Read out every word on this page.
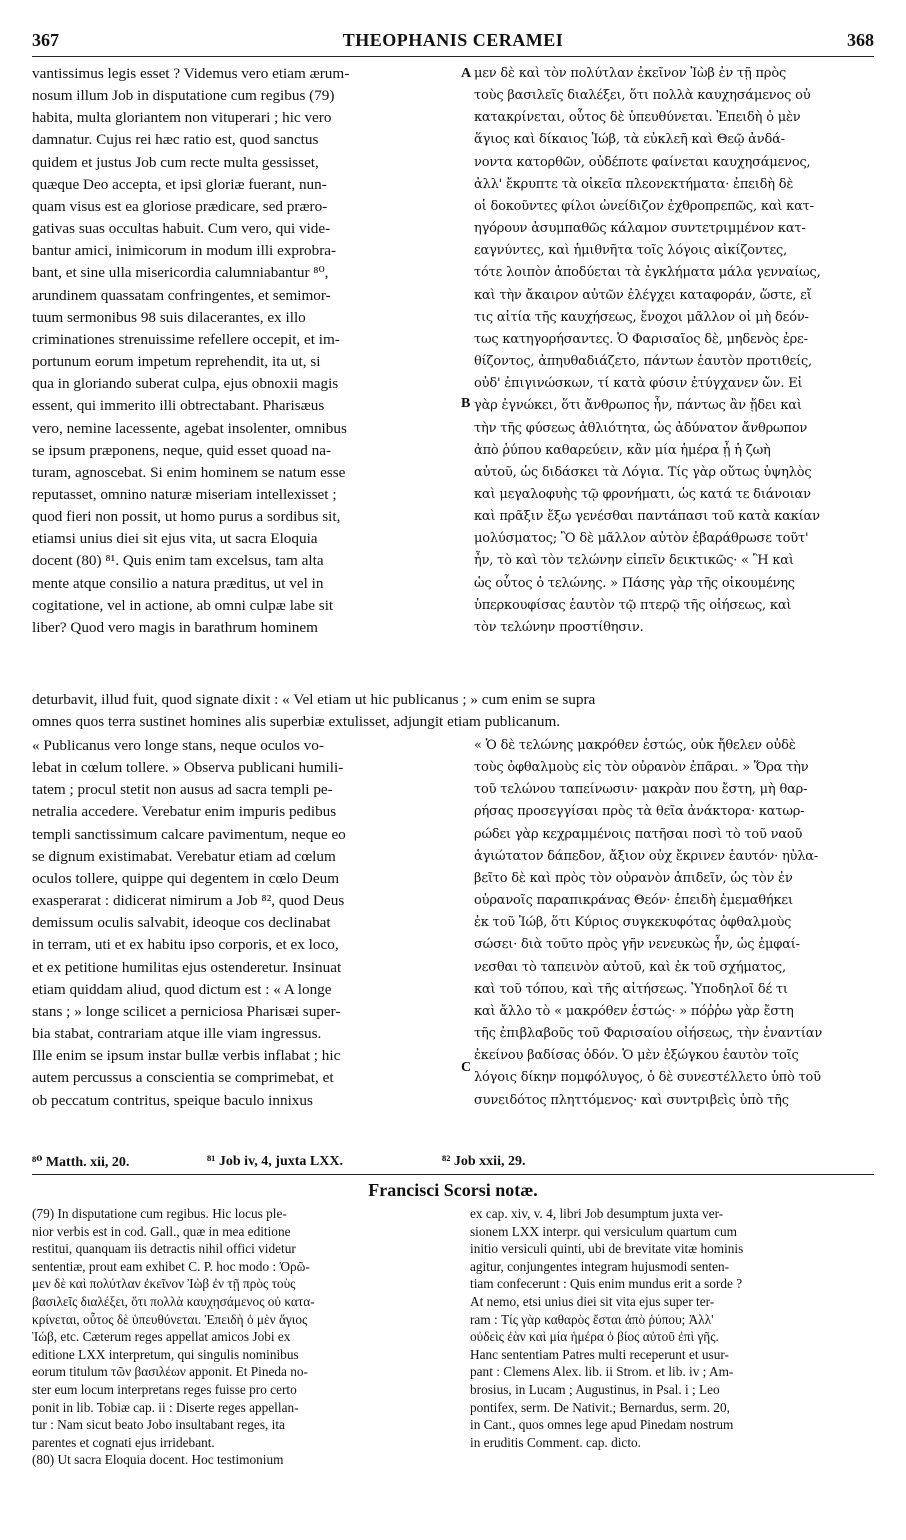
367	THEOPHANIS CERAMEI	368
vantissimus legis esset ? Videmus vero etiam ærum-
nosum illum Job in disputatione cum regibus (79)
habita, multa gloriantem non vituperari ; hic vero
damnatur. Cujus rei hæc ratio est, quod sanctus
quidem et justus Job cum recte multa gessisset,
quæque Deo accepta, et ipsi gloriæ fuerant, nun-
quam visus est ea gloriose prædicare, sed præro-
gativas suas occultas habuit. Cum vero, qui vide-
bantur amici, inimicorum in modum illi exprobra-
bant, et sine ulla misericordia calumniabantur ⁸⁰,
arundinem quassatam confringentes, et semimor-
tuum sermonibus 98 suis dilacerantes, ex illo
criminationes strenuissime refellere occepit, et im-
portunum eorum impetum reprehendit, ita ut, si
qua in gloriando suberat culpa, ejus obnoxii magis
essent, qui immerito illi obtrectabant. Pharisæus
vero, nemine lacessente, agebat insolenter, omnibus
se ipsum præponens, neque, quid esset quoad na-
turam, agnoscebat. Si enim hominem se natum esse
reputasset, omnino naturæ miseriam intellexisset ;
quod fieri non possit, ut homo purus a sordibus sit,
etiamsi unius diei sit ejus vita, ut sacra Eloquia
docent (80) ⁸¹. Quis enim tam excelsus, tam alta
mente atque consilio a natura præditus, ut vel in
cogitatione, vel in actione, ab omni culpæ labe sit
liber? Quod vero magis in barathrum hominem
μεν δὲ καὶ τὸν πολύτλαν ἐκεῖνον Ἰὼβ ἐν τῇ πρὸς
τοὺς βασιλεῖς διαλέξει, ὅτι πολλὰ καυχησάμενος οὐ
κατακρίνεται, οὗτος δὲ ὑπευθύνεται. Ἐπειδὴ ὁ μὲν
ἅγιος καὶ δίκαιος Ἰώβ, τὰ εὐκλεῆ καὶ Θεῷ ἀνδά-
νοντα κατορθῶν, οὐδέποτε φαίνεται καυχησάμενος,
ἀλλ' ἔκρυπτε τὰ οἰκεῖα πλεονεκτήματα· ἐπειδὴ δὲ
οἱ δοκοῦντες φίλοι ὠνείδιζον ἐχθροπρεπῶς, καὶ κατ-
ηγόρουν ἀσυμπαθῶς κάλαμον συντετριμμένον κατ-
εαγνύντες, καὶ ἡμιθνῆτα τοῖς λόγοις αἰκίζοντες,
τότε λοιπὸν ἀποδύεται τὰ ἐγκλήματα μάλα γενναίως,
καὶ τὴν ἄκαιρον αὐτῶν ἐλέγχει καταφοράν, ὥστε, εἴ
τις αἰτία τῆς καυχήσεως, ἔνοχοι μᾶλλον οἱ μὴ δεόν-
τως κατηγορήσαντες. Ὁ Φαρισαῖος δὲ, μηδενὸς ἐρε-
θίζοντος, ἀπηυθαδιάζετο, πάντων ἑαυτὸν προτιθείς,
οὐδ' ἐπιγινώσκων, τί κατὰ φύσιν ἐτύγχανεν ὤν. Εἰ
γὰρ ἐγνώκει, ὅτι ἄνθρωπος ἦν, πάντως ἂν ᾔδει καὶ
τὴν τῆς φύσεως ἀθλιότητα, ὡς ἀδύνατον ἄνθρωπον
ἀπὸ ῥύπου καθαρεύειν, κἂν μία ἡμέρα ᾖ ἡ ζωὴ
αὐτοῦ, ὡς διδάσκει τὰ Λόγια. Τίς γὰρ οὕτως ὑψηλὸς
καὶ μεγαλοφυὴς τῷ φρονήματι, ὡς κατά τε διάνοιαν
καὶ πρᾶξιν ἔξω γενέσθαι παντάπασι τοῦ κατὰ κακίαν
μολύσματος; Ὃ δὲ μᾶλλον αὐτὸν ἐβαράθρωσε τοῦτ'
ἦν, τὸ καὶ τὸν τελώνην εἰπεῖν δεικτικῶς· « Ἢ καὶ
ὡς οὗτος ὁ τελώνης. » Πάσης γὰρ τῆς οἰκουμένης
ὑπερκουφίσας ἑαυτὸν τῷ πτερῷ τῆς οἰήσεως, καὶ
τὸν τελώνην προστίθησιν.
A
B
C
deturbavit, illud fuit, quod signate dixit : « Vel etiam ut hic publicanus ; » cum enim se supra
omnes quos terra sustinet homines alis superbiæ extulisset, adjungit etiam publicanum.
« Publicanus vero longe stans, neque oculos vo-
lebat in cœlum tollere. » Observa publicani humili-
tatem ; procul stetit non ausus ad sacra templi pe-
netralia accedere. Verebatur enim impuris pedibus
templi sanctissimum calcare pavimentum, neque eo
se dignum existimabat. Verebatur etiam ad cœlum
oculos tollere, quippe qui degentem in cœlo Deum
exasperarat : didicerat nimirum a Job ⁸², quod Deus
demissum oculis salvabit, ideoque cos declinabat
in terram, uti et ex habitu ipso corporis, et ex loco,
et ex petitione humilitas ejus ostenderetur. Insinuat
etiam quiddam aliud, quod dictum est : « A longe
stans ; » longe scilicet a perniciosa Pharisæi super-
bia stabat, contrariam atque ille viam ingressus.
Ille enim se ipsum instar bullæ verbis inflabat ; hic
autem percussus a conscientia se comprimebat, et
ob peccatum contritus, speique baculo innixus
« Ὁ δὲ τελώνης μακρόθεν ἑστώς, οὐκ ἤθελεν οὐδὲ
τοὺς ὀφθαλμοὺς εἰς τὸν οὐρανὸν ἐπᾶραι. » Ὅρα τὴν
τοῦ τελώνου ταπείνωσιν· μακρὰν που ἔστη, μὴ θαρ-
ρήσας προσεγγίσαι πρὸς τὰ θεῖα ἀνάκτορα· κατωρ-
ρώδει γὰρ κεχραμμένοις πατῆσαι ποσὶ τὸ τοῦ ναοῦ
ἁγιώτατον δάπεδον, ἄξιον οὐχ ἔκρινεν ἑαυτόν· ηὐλα-
βεῖτο δὲ καὶ πρὸς τὸν οὐρανὸν ἀπιδεῖν, ὡς τὸν ἐν
οὐρανοῖς παραπικράνας Θεόν· ἐπειδὴ ἐμεμαθήκει
ἐκ τοῦ Ἰώβ, ὅτι Κύριος συγκεκυφότας ὀφθαλμοὺς
σώσει· διὰ τοῦτο πρὸς γῆν νενευκὼς ἦν, ὡς ἐμφαί-
νεσθαι τὸ ταπεινὸν αὐτοῦ, καὶ ἐκ τοῦ σχήματος,
καὶ τοῦ τόπου, καὶ τῆς αἰτήσεως. Ὑποδηλοῖ δέ τι
καὶ ἄλλο τὸ « μακρόθεν ἑστώς· » πόῤῥω γὰρ ἔστη
τῆς ἐπιβλαβοῦς τοῦ Φαρισαίου οἰήσεως, τὴν ἐναντίαν
ἐκείνου βαδίσας ὁδόν. Ὁ μὲν ἐξώγκου ἑαυτὸν τοῖς
λόγοις δίκην πομφόλυγος, ὁ δὲ συνεστέλλετο ὑπὸ τοῦ
συνειδότος πληττόμενος· καὶ συντριβεὶς ὑπὸ τῆς
⁸⁰ Matth. xii, 20.	⁸¹ Job iv, 4, juxta LXX.	⁸² Job xxii, 29.
Francisci Scorsi notæ.
(79) In disputatione cum regibus. Hic locus ple-
nior verbis est in cod. Gall., quæ in mea editione
restitui, quanquam iis detractis nihil offici videtur
sententiæ, prout eam exhibet C. P. hoc modo : Ὁρῶ-
μεν δὲ καὶ πολύτλαν ἐκεῖνον Ἰὼβ ἐν τῇ πρὸς τοὺς
βασιλεῖς διαλέξει, ὅτι πολλὰ καυχησάμενος οὐ κατα-
κρίνεται, οὗτος δὲ ὑπευθύνεται. Ἐπειδὴ ὁ μὲν ἅγιος
Ἰώβ, etc. Cæterum reges appellat amicos Jobi ex
editione LXX interpretum, qui singulis nominibus
eorum titulum τῶν βασιλέων apponit. Et Pineda no-
ster eum locum interpretans reges fuisse pro certo
ponit in lib. Tobiæ cap. ii : Diserte reges appellan-
tur : Nam sicut beato Jobo insultabant reges, ita
parentes et cognati ejus irridebant.
(80) Ut sacra Eloquia docent. Hoc testimonium
ex cap. xiv, v. 4, libri Job desumptum juxta ver-
sionem LXX interpr. qui versiculum quartum cum
initio versiculi quinti, ubi de brevitate vitæ hominis
agitur, conjungentes integram hujusmodi senten-
tiam confecerunt : Quis enim mundus erit a sorde ?
At nemo, etsi unius diei sit vita ejus super ter-
ram : Τίς γὰρ καθαρὸς ἔσται ἀπὸ ῥύπου; Ἀλλ'
οὐδεὶς ἐὰν καὶ μία ἡμέρα ὁ βίος αὐτοῦ ἐπὶ γῆς.
Hanc sententiam Patres multi receperunt et usur-
pant : Clemens Alex. lib. ii Strom. et lib. iv ; Am-
brosius, in Lucam ; Augustinus, in Psal. i ; Leo
pontifex, serm. De Nativit.; Bernardus, serm. 20,
in Cant., quos omnes lege apud Pinedam nostrum
in eruditis Comment. cap. dicto.
